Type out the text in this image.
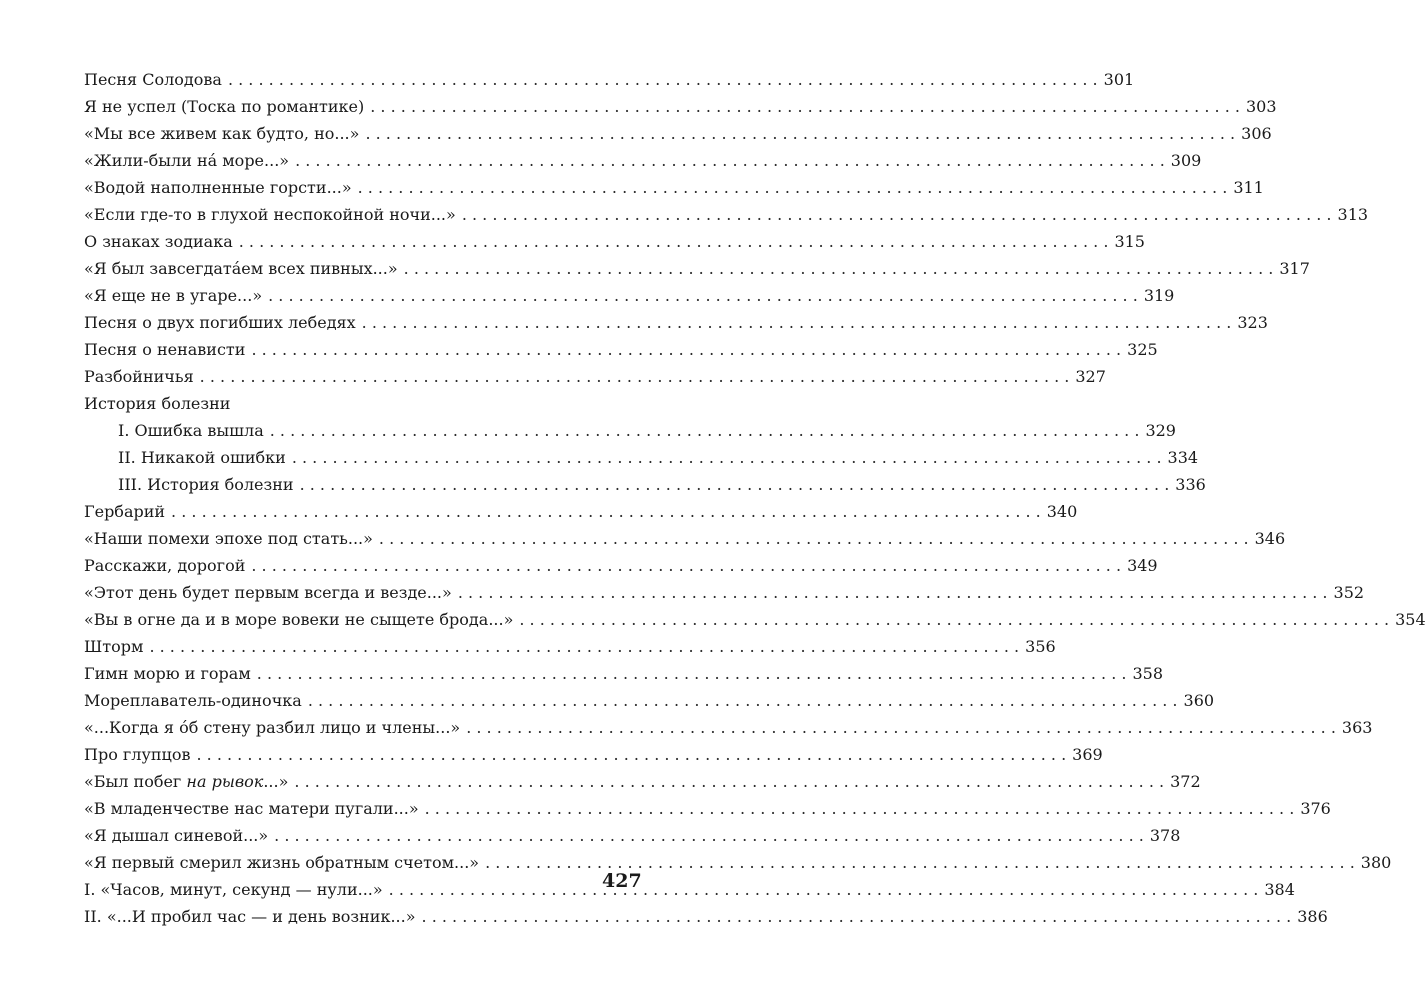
Песня Солодова . . .	301
Я не успел (Тоска по романтике) . . .	303
«Мы все живем как будто, но...» . . .	306
«Жили-были нá море...» . . .	309
«Водой наполненные горсти...» . . .	311
«Если где-то в глухой неспокойной ночи...» . . .	313
О знаках зодиака . . .	315
«Я был завсегдатáем всех пивных...» . . .	317
«Я еще не в угаре...» . . .	319
Песня о двух погибших лебедях . . .	323
Песня о ненависти . . .	325
Разбойничья . . .	327
История болезни
I. Ошибка вышла . . .	329
II. Никакой ошибки . . .	334
III. История болезни . . .	336
Гербарий . . .	340
«Наши помехи эпохе под стать...» . . .	346
Расскажи, дорогой . . .	349
«Этот день будет первым всегда и везде...» . . .	352
«Вы в огне да и в море вовеки не сыщете брода...» . . .	354
Шторм . . .	356
Гимн морю и горам . . .	358
Мореплаватель-одиночка . . .	360
«...Когда я óб стену разбил лицо и члены...» . . .	363
Про глупцов . . .	369
«Был побег на рывок...» . . .	372
«В младенчестве нас матери пугали...» . . .	376
«Я дышал синевой...» . . .	378
«Я первый смерил жизнь обратным счетом...» . . .	380
I. «Часов, минут, секунд — нули...» . . .	384
II. «...И пробил час — и день возник...» . . .	386
427
